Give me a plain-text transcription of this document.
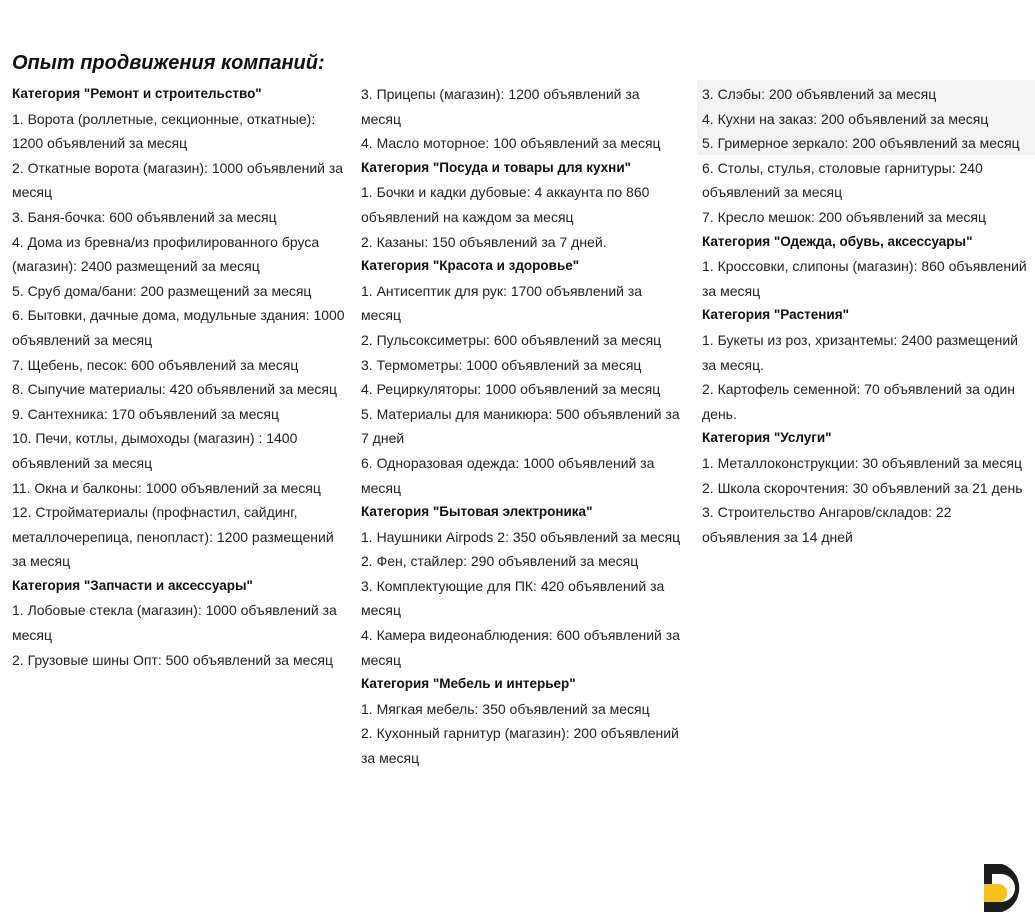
Опыт продвижения компаний:

Категория "Ремонт и строительство"

1. Ворота (роллетные, секционные, откатные): 1200 объявлений за месяц

2. Откатные ворота (магазин): 1000 объявлений за месяц

3. Баня-бочка: 600 объявлений за месяц

4. Дома из бревна/из профилированного бруса (магазин): 2400 размещений за месяц

5. Сруб дома/бани: 200 размещений за месяц

6. Бытовки, дачные дома, модульные здания: 1000 объявлений за месяц

7. Щебень, песок: 600 объявлений за месяц

8. Сыпучие материалы: 420 объявлений за месяц

9. Сантехника: 170 объявлений за месяц

10. Печи, котлы, дымоходы (магазин) : 1400 объявлений за месяц

11. Окна и балконы: 1000 объявлений за месяц

12. Стройматериалы (профнастил, сайдинг, металлочерепица, пенопласт): 1200 размещений за месяц

Категория "Запчасти и аксессуары"

1. Лобовые стекла (магазин): 1000 объявлений за месяц

2. Грузовые шины Опт: 500 объявлений за месяц

3. Прицепы (магазин): 1200 объявлений за месяц

4. Масло моторное: 100 объявлений за месяц

Категория "Посуда и товары для кухни"

1. Бочки и кадки дубовые: 4 аккаунта по 860 объявлений на каждом за месяц

2. Казаны: 150 объявлений за 7 дней.

Категория "Красота и здоровье"

1. Антисептик для рук: 1700 объявлений за месяц

2. Пульсоксиметры: 600 объявлений за месяц

3. Термометры: 1000 объявлений за месяц

4. Рециркуляторы: 1000 объявлений за месяц

5. Материалы для маникюра: 500 объявлений за 7 дней

6. Одноразовая одежда: 1000 объявлений за месяц

Категория "Бытовая электроника"

1. Наушники Airpods 2: 350 объявлений за месяц

2. Фен, стайлер: 290 объявлений за месяц

3. Комплектующие для ПК: 420 объявлений за месяц

4. Камера видеонаблюдения: 600 объявлений за месяц

Категория "Мебель и интерьер"

1. Мягкая мебель: 350 объявлений за месяц

2. Кухонный гарнитур (магазин): 200 объявлений за месяц

3. Слэбы: 200 объявлений за месяц

4. Кухни на заказ: 200 объявлений за месяц

5. Гримерное зеркало: 200 объявлений за месяц

6. Столы, стулья, столовые гарнитуры: 240 объявлений за месяц

7. Кресло мешок: 200 объявлений за месяц

Категория "Одежда, обувь, аксессуары"

1. Кроссовки, слипоны (магазин): 860 объявлений за месяц

Категория "Растения"

1. Букеты из роз, хризантемы: 2400 размещений за месяц.

2. Картофель семенной: 70 объявлений за один день.

Категория "Услуги"

1. Металлоконструкции: 30 объявлений за месяц

2. Школа скорочтения: 30 объявлений за 21 день

3. Строительство Ангаров/складов: 22 объявления за 14 дней
